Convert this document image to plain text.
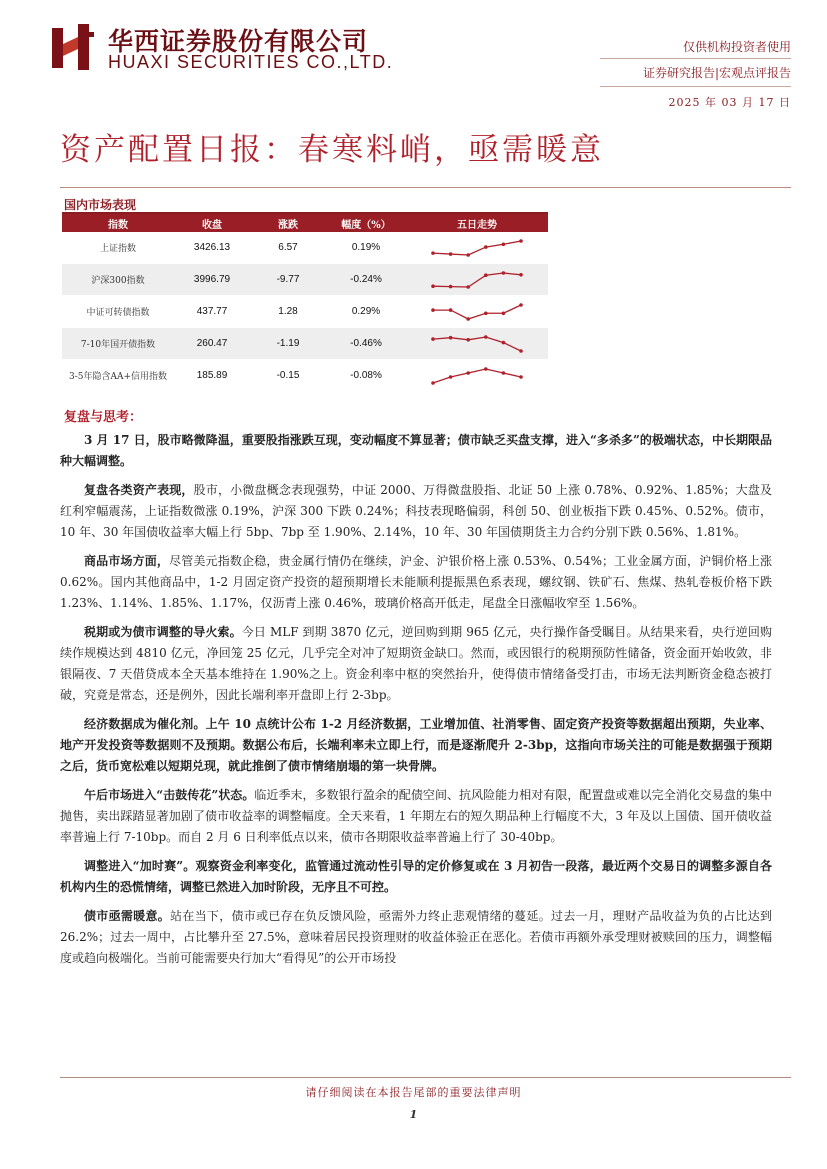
华西证券股份有限公司
HUAXI SECURITIES CO.,LTD.
仅供机构投资者使用
证券研究报告|宏观点评报告
2025 年 03 月 17 日
资产配置日报：春寒料峭，亟需暖意
国内市场表现
指数	收盘	涨跌	幅度（%）	五日走势
上证指数	3426.13	6.57	0.19%	

沪深300指数	3996.79	-9.77	-0.24%	

中证可转债指数	437.77	1.28	0.29%	

7-10年国开债指数	260.47	-1.19	-0.46%	

3-5年隐含AA+信用指数	185.89	-0.15	-0.08%	
复盘与思考：

3 月 17 日，股市略微降温，重要股指涨跌互现，变动幅度不算显著；债市缺乏买盘支撑，进入“多杀多”的极端状态，中长期限品种大幅调整。

复盘各类资产表现，股市，小微盘概念表现强势，中证 2000、万得微盘股指、北证 50 上涨 0.78%、0.92%、1.85%；大盘及红利窄幅震荡，上证指数微涨 0.19%，沪深 300 下跌 0.24%；科技表现略偏弱，科创 50、创业板指下跌 0.45%、0.52%。债市，10 年、30 年国债收益率大幅上行 5bp、7bp 至 1.90%、2.14%，10 年、30 年国债期货主力合约分别下跌 0.56%、1.81%。

商品市场方面，尽管美元指数企稳，贵金属行情仍在继续，沪金、沪银价格上涨 0.53%、0.54%；工业金属方面，沪铜价格上涨 0.62%。国内其他商品中，1-2 月固定资产投资的超预期增长未能顺利提振黑色系表现，螺纹钢、铁矿石、焦煤、热轧卷板价格下跌 1.23%、1.14%、1.85%、1.17%，仅沥青上涨 0.46%，玻璃价格高开低走，尾盘全日涨幅收窄至 1.56%。

税期或为债市调整的导火索。今日 MLF 到期 3870 亿元，逆回购到期 965 亿元，央行操作备受瞩目。从结果来看，央行逆回购续作规模达到 4810 亿元，净回笼 25 亿元，几乎完全对冲了短期资金缺口。然而，或因银行的税期预防性储备，资金面开始收敛，非银隔夜、7 天借贷成本全天基本维持在 1.90%之上。资金利率中枢的突然抬升，使得债市情绪备受打击，市场无法判断资金稳态被打破，究竟是常态，还是例外，因此长端利率开盘即上行 2-3bp。

经济数据成为催化剂。上午 10 点统计公布 1-2 月经济数据，工业增加值、社消零售、固定资产投资等数据超出预期，失业率、地产开发投资等数据则不及预期。数据公布后，长端利率未立即上行，而是逐渐爬升 2-3bp，这指向市场关注的可能是数据强于预期之后，货币宽松难以短期兑现，就此推倒了债市情绪崩塌的第一块骨牌。

午后市场进入“击鼓传花”状态。临近季末，多数银行盈余的配债空间、抗风险能力相对有限，配置盘或难以完全消化交易盘的集中抛售，卖出踩踏显著加剧了债市收益率的调整幅度。全天来看，1 年期左右的短久期品种上行幅度不大，3 年及以上国债、国开债收益率普遍上行 7-10bp。而自 2 月 6 日利率低点以来，债市各期限收益率普遍上行了 30-40bp。

调整进入“加时赛”。观察资金利率变化，监管通过流动性引导的定价修复或在 3 月初告一段落，最近两个交易日的调整多源自各机构内生的恐慌情绪，调整已然进入加时阶段，无序且不可控。

债市亟需暖意。站在当下，债市或已存在负反馈风险，亟需外力终止悲观情绪的蔓延。过去一月，理财产品收益为负的占比达到 26.2%；过去一周中，占比攀升至 27.5%，意味着居民投资理财的收益体验正在恶化。若债市再额外承受理财被赎回的压力，调整幅度或趋向极端化。当前可能需要央行加大“看得见”的公开市场投

请仔细阅读在本报告尾部的重要法律声明
1
